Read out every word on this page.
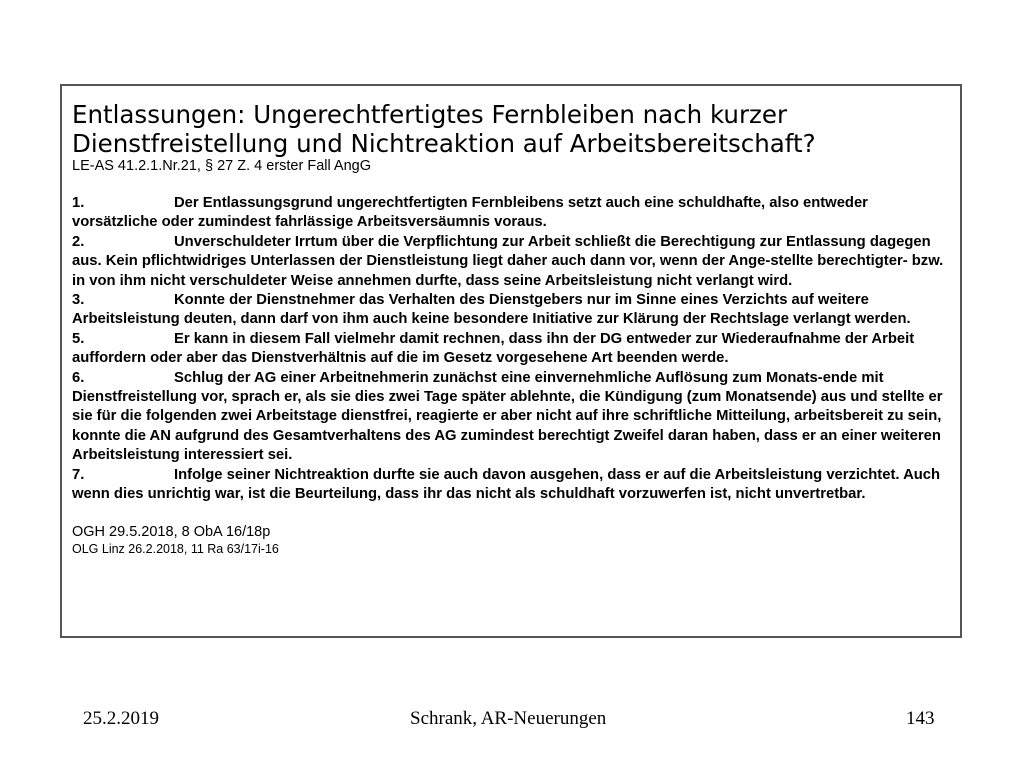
Entlassungen: Ungerechtfertigtes Fernbleiben nach kurzer
Dienstfreistellung und Nichtreaktion auf Arbeitsbereitschaft?

LE-AS 41.2.1.Nr.21, § 27 Z. 4 erster Fall AngG

1.	Der Entlassungsgrund ungerechtfertigten Fernbleibens setzt auch eine schuldhafte, also entweder vorsätzliche oder zumindest fahrlässige Arbeitsversäumnis voraus.

2.	Unverschuldeter Irrtum über die Verpflichtung zur Arbeit schließt die Berechtigung zur Entlassung dagegen aus. Kein pflichtwidriges Unterlassen der Dienstleistung liegt daher auch dann vor, wenn der Ange-stellte berechtigter- bzw. in von ihm nicht verschuldeter Weise annehmen durfte, dass seine Arbeitsleistung nicht verlangt wird.

3.	Konnte der Dienstnehmer das Verhalten des Dienstgebers nur im Sinne eines Verzichts auf weitere Arbeitsleistung deuten, dann darf von ihm auch keine besondere Initiative zur Klärung der Rechtslage verlangt werden.

5.	Er kann in diesem Fall vielmehr damit rechnen, dass ihn der DG entweder zur Wiederaufnahme der Arbeit auffordern oder aber das Dienstverhältnis auf die im Gesetz vorgesehene Art beenden werde.

6.	Schlug der AG einer Arbeitnehmerin zunächst eine einvernehmliche Auflösung zum Monats-ende mit Dienstfreistellung vor, sprach er, als sie dies zwei Tage später ablehnte, die Kündigung (zum Monatsende) aus und stellte er sie für die folgenden zwei Arbeitstage dienstfrei, reagierte er aber nicht auf ihre schriftliche Mitteilung, arbeitsbereit zu sein, konnte die AN aufgrund des Gesamtverhaltens des AG zumindest berechtigt Zweifel daran haben, dass er an einer weiteren Arbeitsleistung interessiert sei.

7.	Infolge seiner Nichtreaktion durfte sie auch davon ausgehen, dass er auf die Arbeitsleistung verzichtet. Auch wenn dies unrichtig war, ist die Beurteilung, dass ihr das nicht als schuldhaft vorzuwerfen ist, nicht unvertretbar.

OGH 29.5.2018, 8 ObA 16/18p

OLG Linz 26.2.2018, 11 Ra 63/17i-16

25.2.2019	Schrank, AR-Neuerungen	143
